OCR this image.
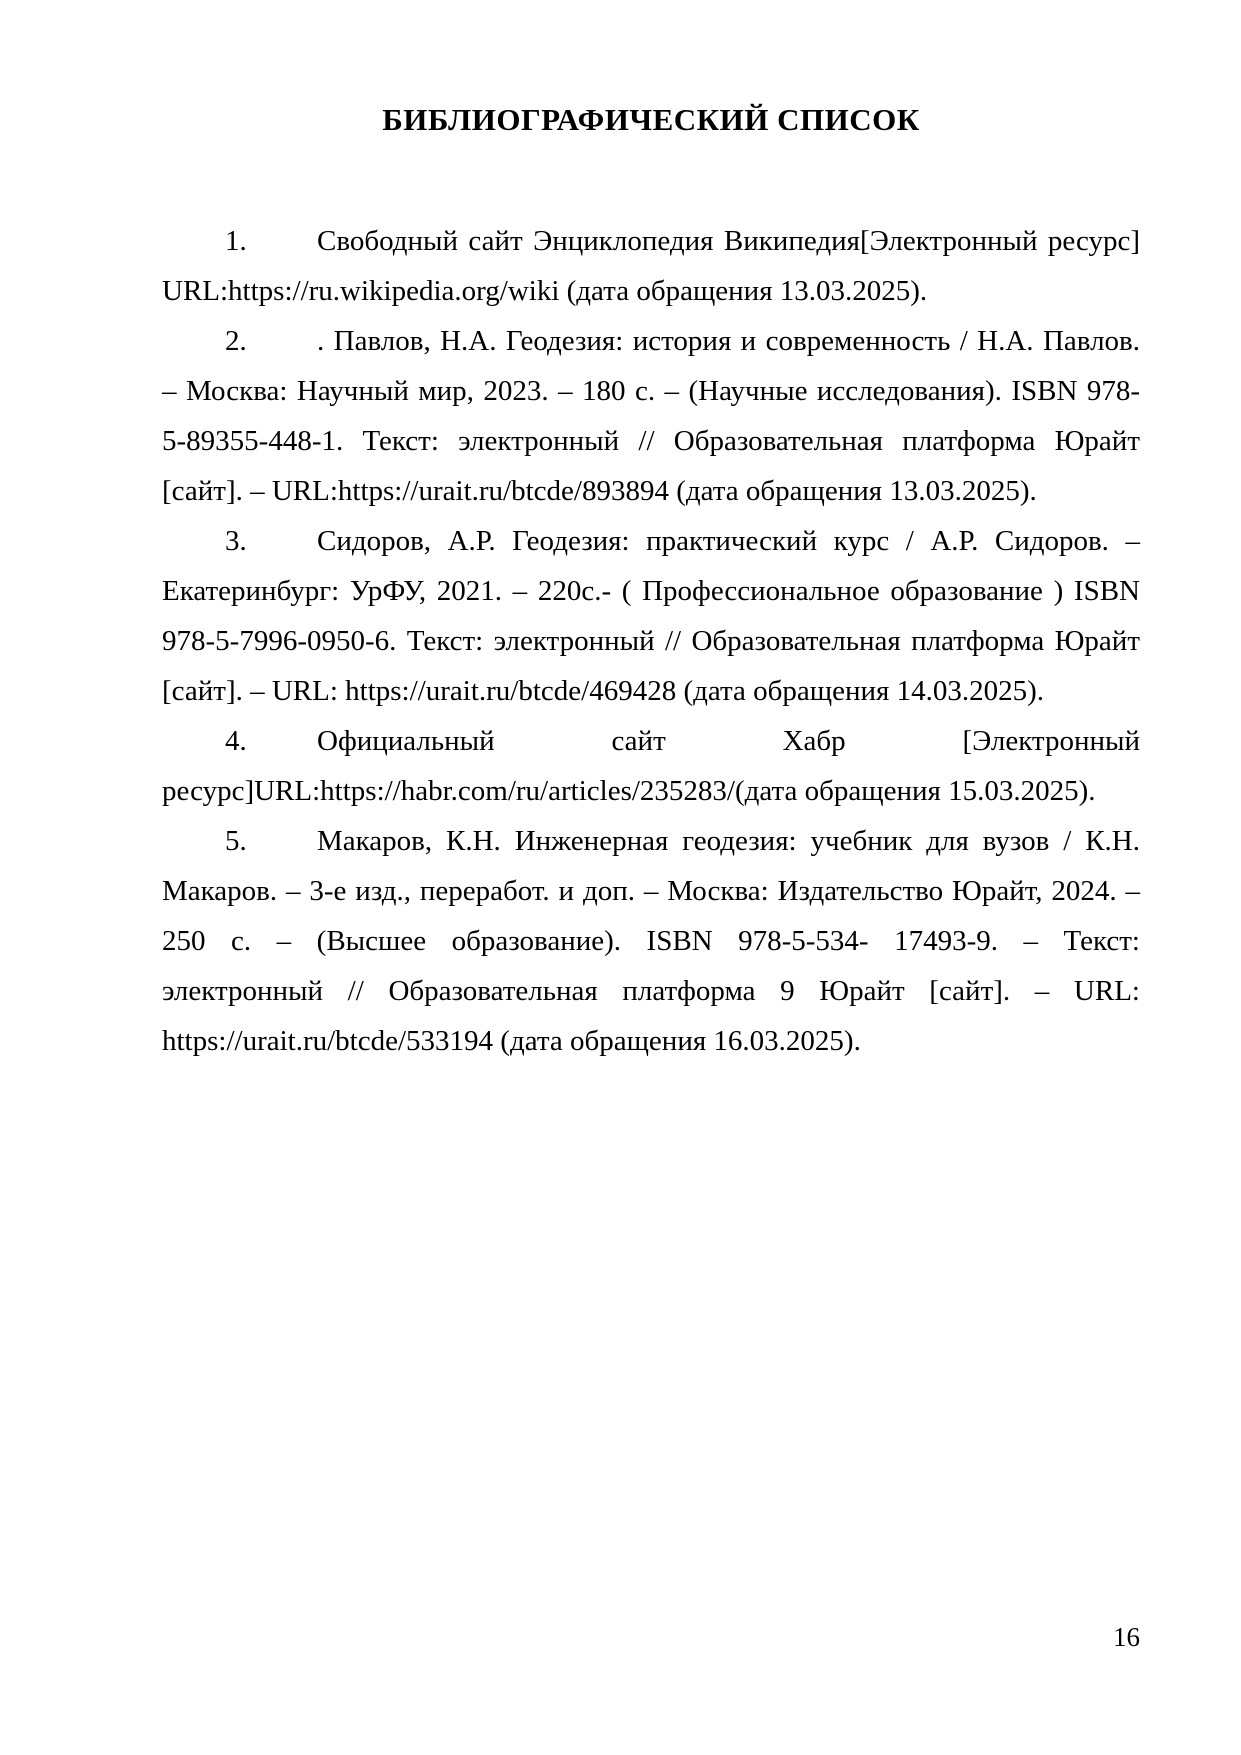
БИБЛИОГРАФИЧЕСКИЙ СПИСОК

1. Свободный сайт Энциклопедия Википедия[Электронный ресурс]
URL:https://ru.wikipedia.org/wiki (дата обращения 13.03.2025).

2. . Павлов, Н.А. Геодезия: история и современность / Н.А. Павлов.
– Москва: Научный мир, 2023. – 180 с. – (Научные исследования). ISBN 978-
5-89355-448-1. Текст: электронный // Образовательная платформа Юрайт
[сайт]. – URL:https://urait.ru/btcde/893894 (дата обращения 13.03.2025).

3. Сидоров, А.Р. Геодезия: практический курс / А.Р. Сидоров. –
Екатеринбург: УрФУ, 2021. – 220с.- ( Профессиональное образование ) ISBN
978-5-7996-0950-6. Текст: электронный // Образовательная платформа Юрайт
[сайт]. – URL: https://urait.ru/btcde/469428 (дата обращения 14.03.2025).

4. Официальный сайт Хабр [Электронный
ресурс]URL:https://habr.com/ru/articles/235283/(дата обращения 15.03.2025).

5. Макаров, К.Н. Инженерная геодезия: учебник для вузов / К.Н.
Макаров. – 3-е изд., переработ. и доп. – Москва: Издательство Юрайт, 2024. –
250 с. – (Высшее образование). ISBN 978-5-534- 17493-9. – Текст:
электронный // Образовательная платформа 9 Юрайт [сайт]. – URL:
https://urait.ru/btcde/533194 (дата обращения 16.03.2025).

16
